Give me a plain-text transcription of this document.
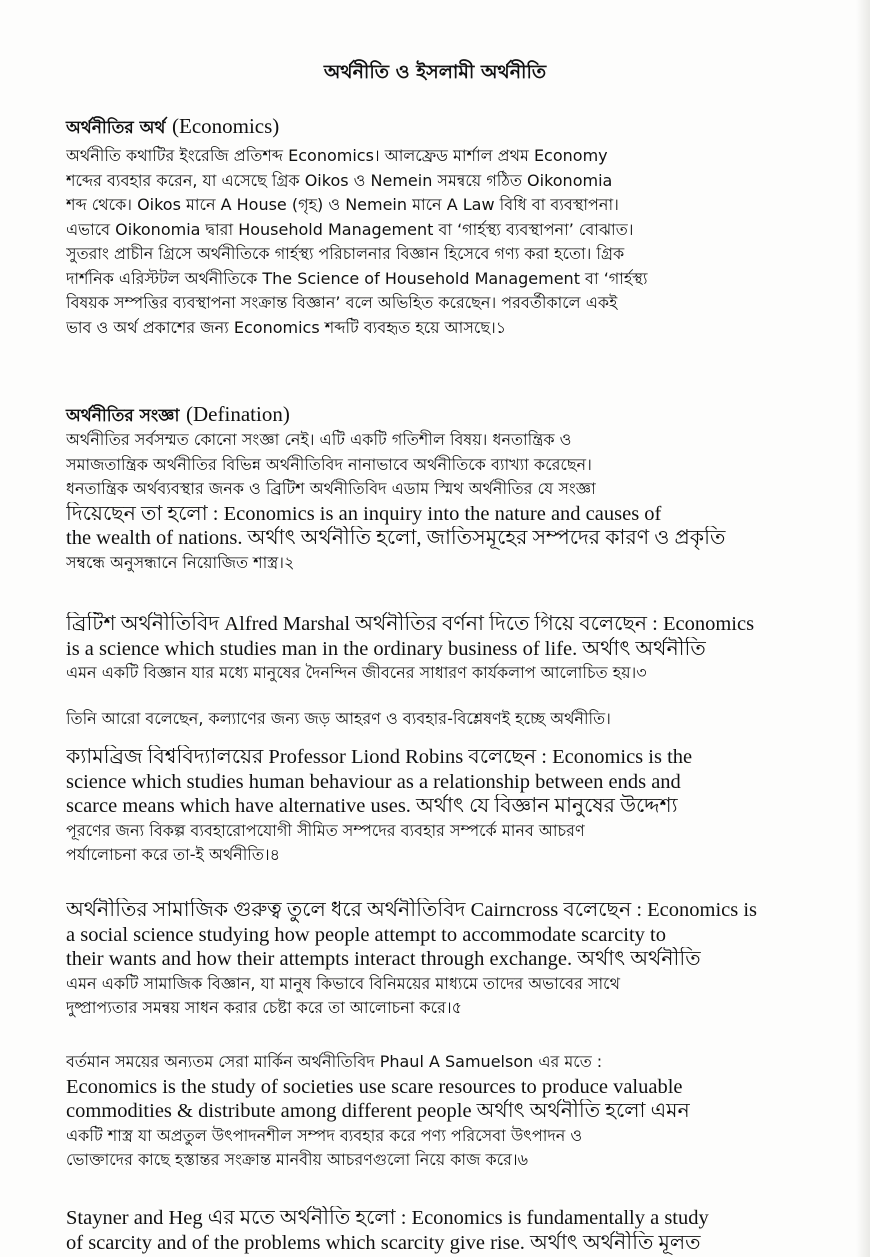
অর্থনীতি ও ইসলামী অর্থনীতি
অর্থনীতির অর্থ (Economics)
অর্থনীতি কথাটির ইংরেজি প্রতিশব্দ Economics। আলফ্রেড মার্শাল প্রথম Economy
শব্দের ব্যবহার করেন, যা এসেছে গ্রিক Oikos ও Nemein সমন্বয়ে গঠিত Oikonomia
শব্দ থেকে। Oikos মানে A House (গৃহ) ও Nemein মানে A Law বিধি বা ব্যবস্থাপনা।
এভাবে Oikonomia দ্বারা Household Management বা ‘গার্হস্থ্য ব্যবস্থাপনা’ বোঝাত।
সুতরাং প্রাচীন গ্রিসে অর্থনীতিকে গার্হস্থ্য পরিচালনার বিজ্ঞান হিসেবে গণ্য করা হতো। গ্রিক
দার্শনিক এরিস্টটল অর্থনীতিকে The Science of Household Management বা ‘গার্হস্থ্য
বিষয়ক সম্পত্তির ব্যবস্থাপনা সংক্রান্ত বিজ্ঞান’ বলে অভিহিত করেছেন। পরবর্তীকালে একই
ভাব ও অর্থ প্রকাশের জন্য Economics শব্দটি ব্যবহৃত হয়ে আসছে।১
অর্থনীতির সংজ্ঞা (Defination)
অর্থনীতির সর্বসম্মত কোনো সংজ্ঞা নেই। এটি একটি গতিশীল বিষয়। ধনতান্ত্রিক ও
সমাজতান্ত্রিক অর্থনীতির বিভিন্ন অর্থনীতিবিদ নানাভাবে অর্থনীতিকে ব্যাখ্যা করেছেন।
ধনতান্ত্রিক অর্থব্যবস্থার জনক ও ব্রিটিশ অর্থনীতিবিদ এডাম স্মিথ অর্থনীতির যে সংজ্ঞা
দিয়েছেন তা হলো : Economics is an inquiry into the nature and causes of
the wealth of nations. অর্থাৎ অর্থনীতি হলো, জাতিসমূহের সম্পদের কারণ ও প্রকৃতি
সম্বন্ধে অনুসন্ধানে নিয়োজিত শাস্ত্র।২
ব্রিটিশ অর্থনীতিবিদ Alfred Marshal অর্থনীতির বর্ণনা দিতে গিয়ে বলেছেন : Economics
is a science which studies man in the ordinary business of life. অর্থাৎ অর্থনীতি
এমন একটি বিজ্ঞান যার মধ্যে মানুষের দৈনন্দিন জীবনের সাধারণ কার্যকলাপ আলোচিত হয়।৩
তিনি আরো বলেছেন, কল্যাণের জন্য জড় আহরণ ও ব্যবহার-বিশ্লেষণই হচ্ছে অর্থনীতি।
ক্যামব্রিজ বিশ্ববিদ্যালয়ের Professor Liond Robins বলেছেন : Economics is the
science which studies human behaviour as a relationship between ends and
scarce means which have alternative uses. অর্থাৎ যে বিজ্ঞান মানুষের উদ্দেশ্য
পূরণের জন্য বিকল্প ব্যবহারোপযোগী সীমিত সম্পদের ব্যবহার সম্পর্কে মানব আচরণ
পর্যালোচনা করে তা-ই অর্থনীতি।৪
অর্থনীতির সামাজিক গুরুত্ব তুলে ধরে অর্থনীতিবিদ Cairncross বলেছেন : Economics is
a social science studying how people attempt to accommodate scarcity to
their wants and how their attempts interact through exchange. অর্থাৎ অর্থনীতি
এমন একটি সামাজিক বিজ্ঞান, যা মানুষ কিভাবে বিনিময়ের মাধ্যমে তাদের অভাবের সাথে
দুষ্প্রাপ্যতার সমন্বয় সাধন করার চেষ্টা করে তা আলোচনা করে।৫
বর্তমান সময়ের অন্যতম সেরা মার্কিন অর্থনীতিবিদ Phaul A Samuelson এর মতে :
Economics is the study of societies use scare resources to produce valuable
commodities & distribute among different people অর্থাৎ অর্থনীতি হলো এমন
একটি শাস্ত্র যা অপ্রতুল উৎপাদনশীল সম্পদ ব্যবহার করে পণ্য পরিসেবা উৎপাদন ও
ভোক্তাদের কাছে হস্তান্তর সংক্রান্ত মানবীয় আচরণগুলো নিয়ে কাজ করে।৬
Stayner and Heg এর মতে অর্থনীতি হলো : Economics is fundamentally a study
of scarcity and of the problems which scarcity give rise. অর্থাৎ অর্থনীতি মূলত
